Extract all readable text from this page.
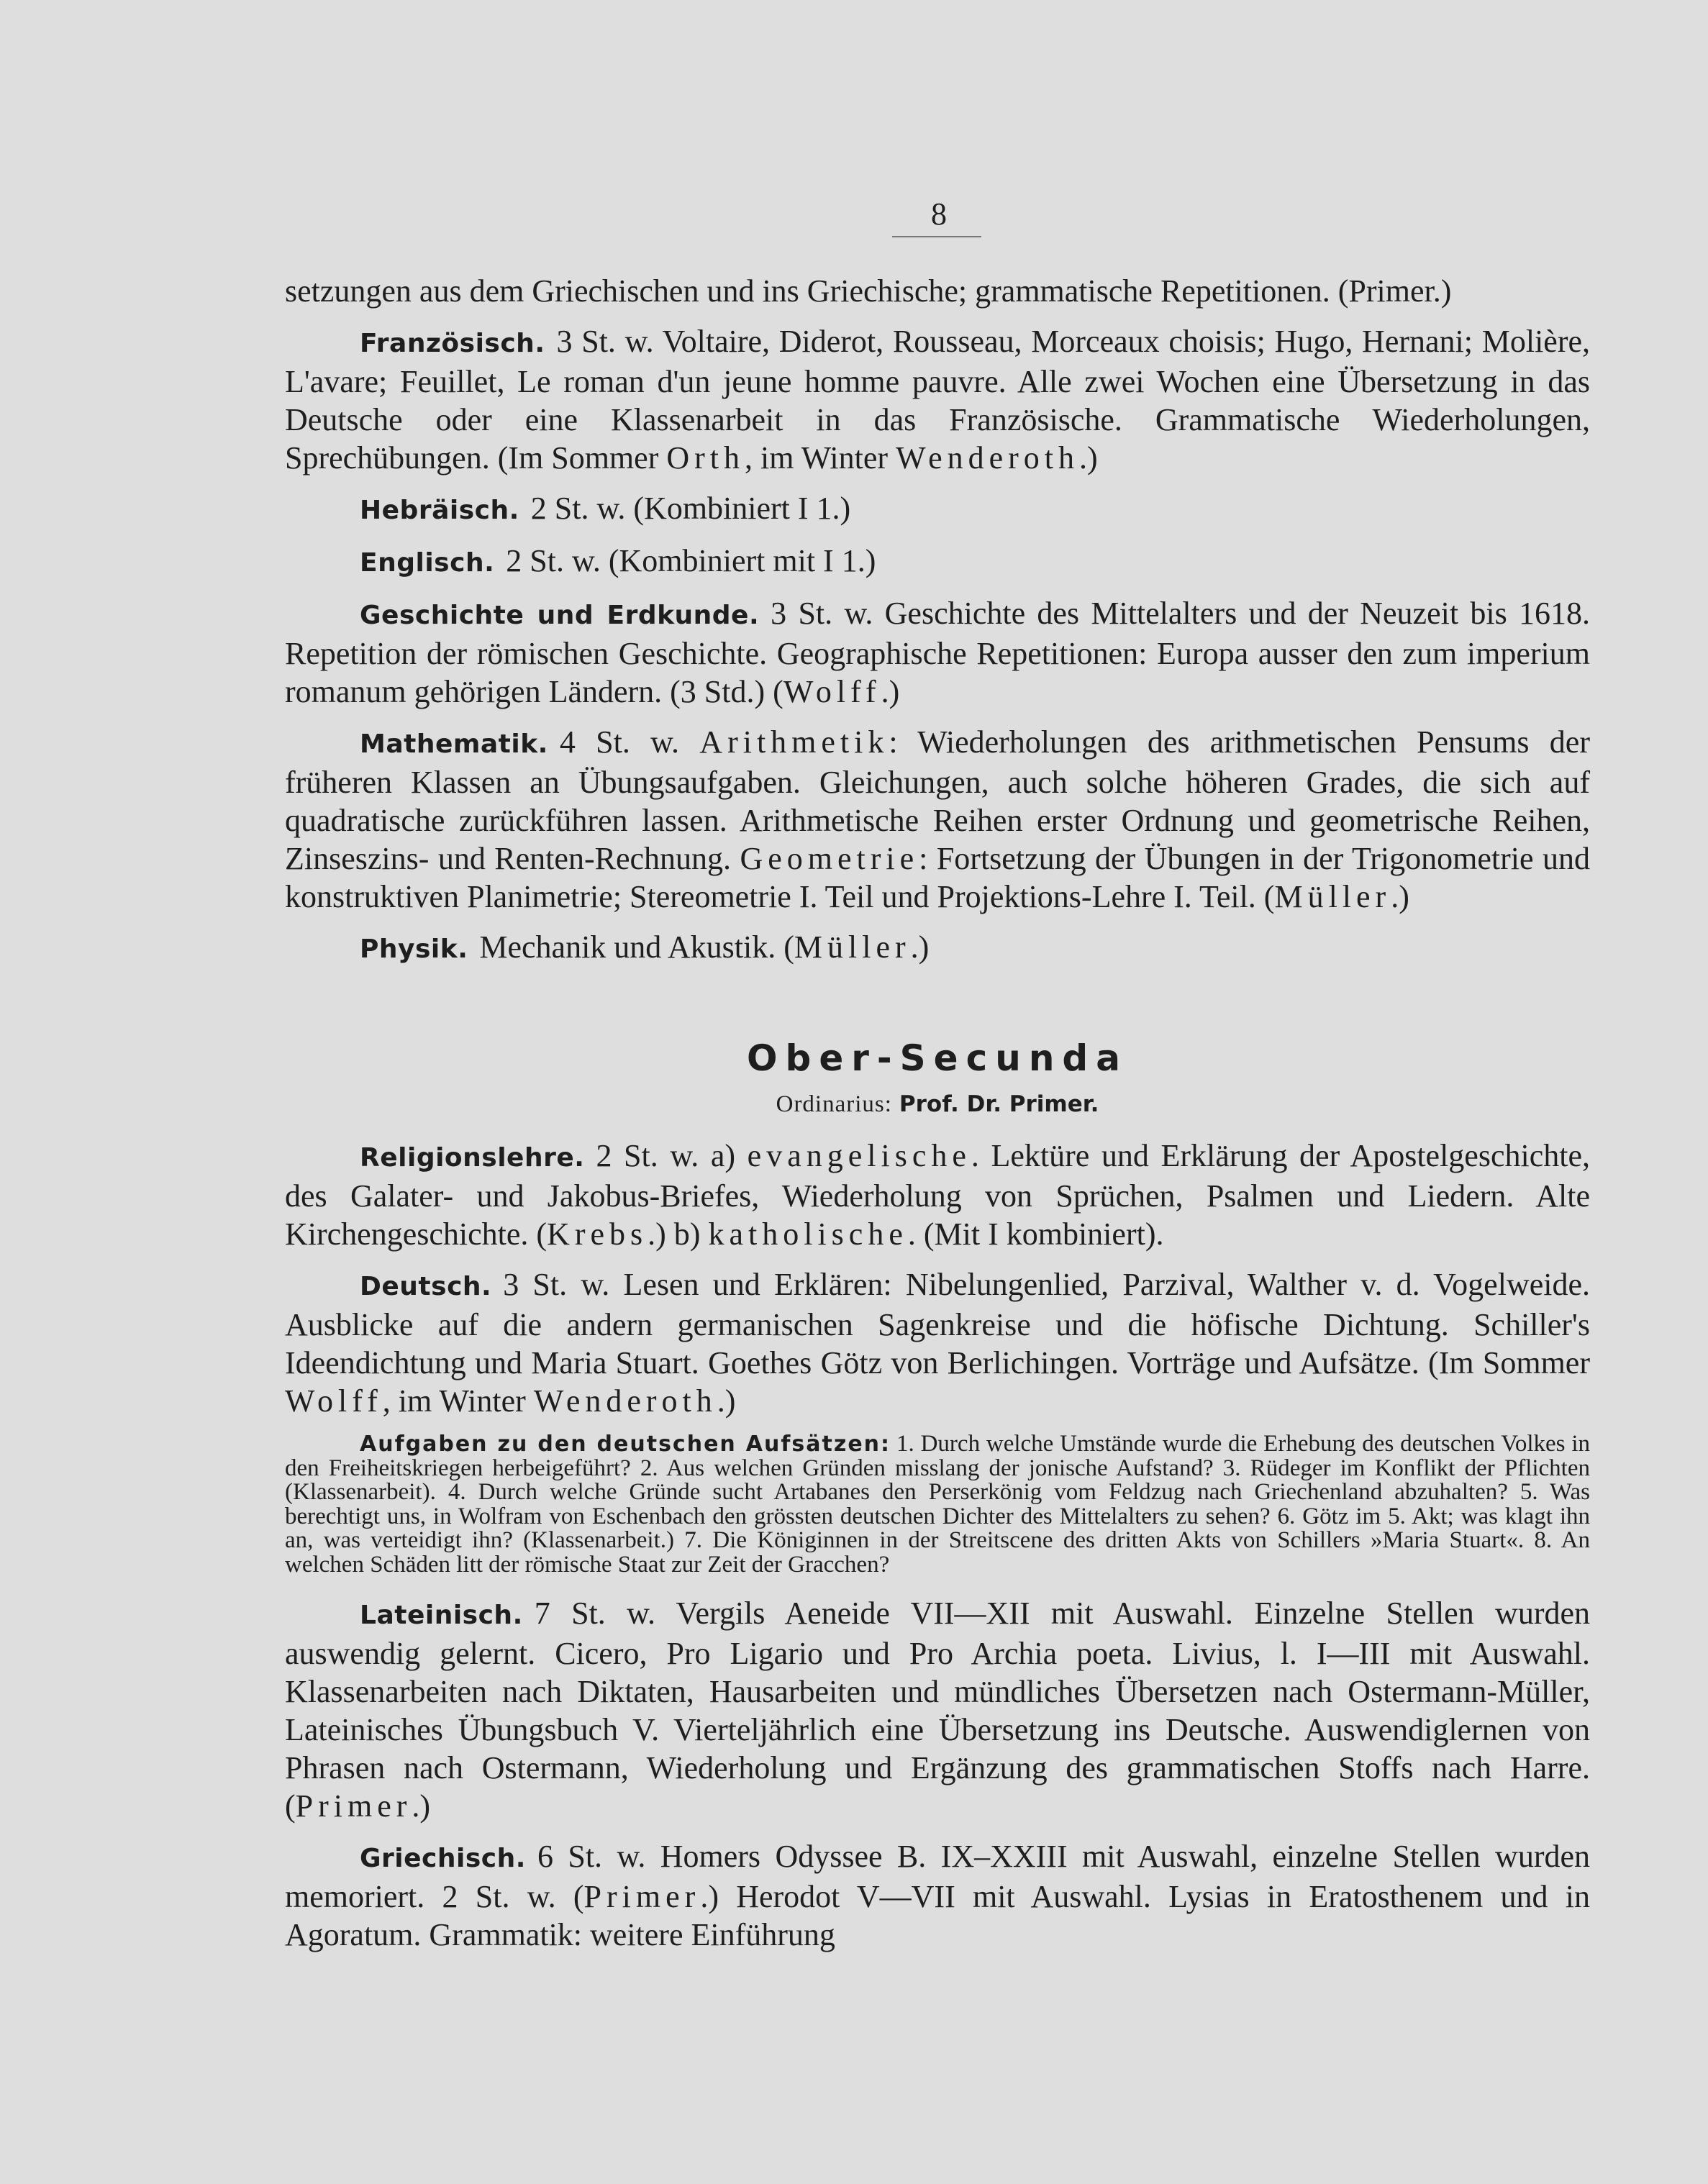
8

setzungen aus dem Griechischen und ins Griechische; grammatische Repetitionen. (Primer.)

Französisch. 3 St. w. Voltaire, Diderot, Rousseau, Morceaux choisis; Hugo, Hernani; Molière, L'avare; Feuillet, Le roman d'un jeune homme pauvre. Alle zwei Wochen eine Übersetzung in das Deutsche oder eine Klassenarbeit in das Französische. Grammatische Wiederholungen, Sprechübungen. (Im Sommer Orth, im Winter Wenderoth.)

Hebräisch. 2 St. w. (Kombiniert I 1.)

Englisch. 2 St. w. (Kombiniert mit I 1.)

Geschichte und Erdkunde. 3 St. w. Geschichte des Mittelalters und der Neuzeit bis 1618. Repetition der römischen Geschichte. Geographische Repetitionen: Europa ausser den zum imperium romanum gehörigen Ländern. (3 Std.) (Wolff.)

Mathematik. 4 St. w. Arithmetik: Wiederholungen des arithmetischen Pensums der früheren Klassen an Übungsaufgaben. Gleichungen, auch solche höheren Grades, die sich auf quadratische zurückführen lassen. Arithmetische Reihen erster Ordnung und geometrische Reihen, Zinseszins- und Renten-Rechnung. Geometrie: Fortsetzung der Übungen in der Trigonometrie und konstruktiven Planimetrie; Stereometrie I. Teil und Projektions-Lehre I. Teil. (Müller.)

Physik. Mechanik und Akustik. (Müller.)

Ober-Secunda
Ordinarius: Prof. Dr. Primer.

Religionslehre. 2 St. w. a) evangelische. Lektüre und Erklärung der Apostelgeschichte, des Galater- und Jakobus-Briefes, Wiederholung von Sprüchen, Psalmen und Liedern. Alte Kirchengeschichte. (Krebs.) b) katholische. (Mit I kombiniert).

Deutsch. 3 St. w. Lesen und Erklären: Nibelungenlied, Parzival, Walther v. d. Vogelweide. Ausblicke auf die andern germanischen Sagenkreise und die höfische Dichtung. Schiller's Ideendichtung und Maria Stuart. Goethes Götz von Berlichingen. Vorträge und Aufsätze. (Im Sommer Wolff, im Winter Wenderoth.)

Aufgaben zu den deutschen Aufsätzen: 1. Durch welche Umstände wurde die Erhebung des deutschen Volkes in den Freiheitskriegen herbeigeführt? 2. Aus welchen Gründen misslang der jonische Aufstand? 3. Rüdeger im Konflikt der Pflichten (Klassenarbeit). 4. Durch welche Gründe sucht Artabanes den Perserkönig vom Feldzug nach Griechenland abzuhalten? 5. Was berechtigt uns, in Wolfram von Eschenbach den grössten deutschen Dichter des Mittelalters zu sehen? 6. Götz im 5. Akt; was klagt ihn an, was verteidigt ihn? (Klassenarbeit.) 7. Die Königinnen in der Streitscene des dritten Akts von Schillers »Maria Stuart«. 8. An welchen Schäden litt der römische Staat zur Zeit der Gracchen?

Lateinisch. 7 St. w. Vergils Aeneide VII—XII mit Auswahl. Einzelne Stellen wurden auswendig gelernt. Cicero, Pro Ligario und Pro Archia poeta. Livius, l. I—III mit Auswahl. Klassenarbeiten nach Diktaten, Hausarbeiten und mündliches Übersetzen nach Ostermann-Müller, Lateinisches Übungsbuch V. Vierteljährlich eine Übersetzung ins Deutsche. Auswendiglernen von Phrasen nach Ostermann, Wiederholung und Ergänzung des grammatischen Stoffs nach Harre. (Primer.)

Griechisch. 6 St. w. Homers Odyssee B. IX–XXIII mit Auswahl, einzelne Stellen wurden memoriert. 2 St. w. (Primer.) Herodot V—VII mit Auswahl. Lysias in Eratosthenem und in Agoratum. Grammatik: weitere Einführung
